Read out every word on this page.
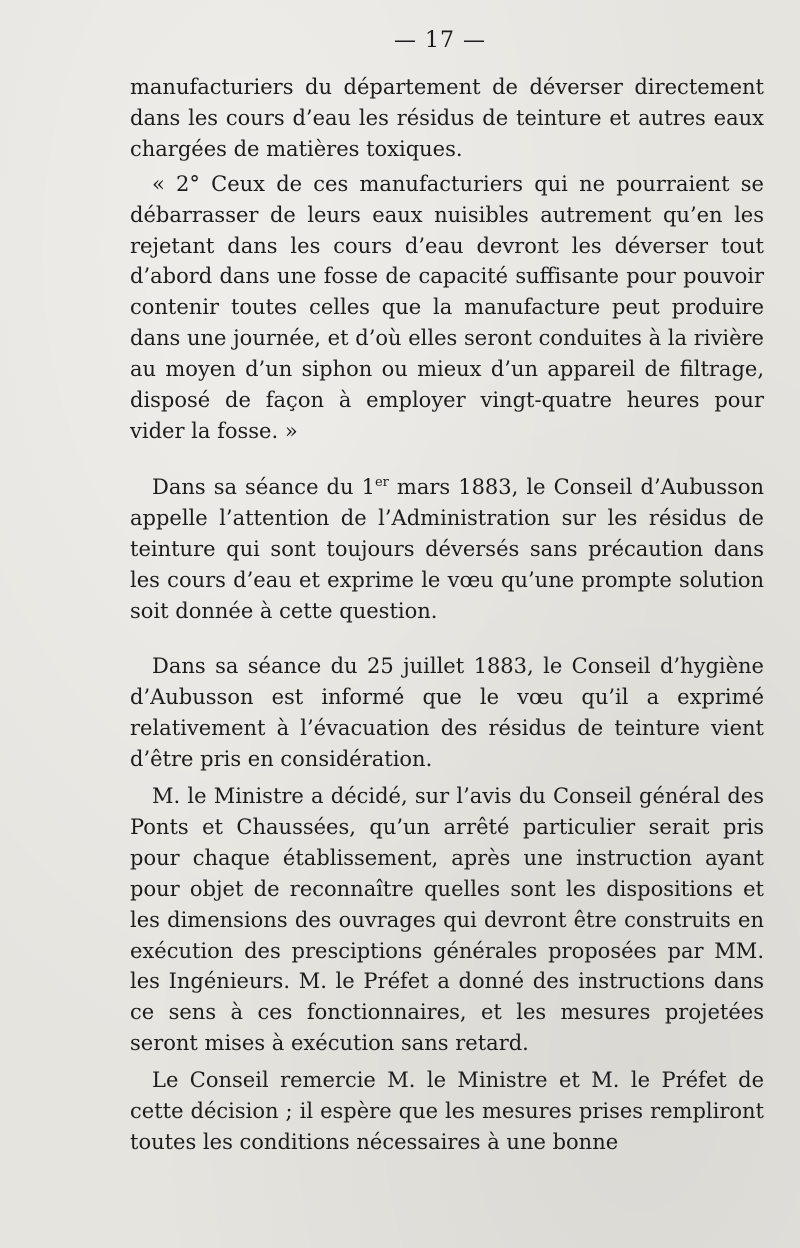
— 17 —

manufacturiers du département de déverser directement dans les cours d’eau les résidus de teinture et autres eaux chargées de matières toxiques.

« 2° Ceux de ces manufacturiers qui ne pourraient se débarrasser de leurs eaux nuisibles autrement qu’en les rejetant dans les cours d’eau devront les déverser tout d’abord dans une fosse de capacité suffisante pour pouvoir contenir toutes celles que la manufacture peut produire dans une journée, et d’où elles seront conduites à la rivière au moyen d’un siphon ou mieux d’un appareil de filtrage, disposé de façon à employer vingt-quatre heures pour vider la fosse. »

Dans sa séance du 1er mars 1883, le Conseil d’Aubusson appelle l’attention de l’Administration sur les résidus de teinture qui sont toujours déversés sans précaution dans les cours d’eau et exprime le vœu qu’une prompte solution soit donnée à cette question.

Dans sa séance du 25 juillet 1883, le Conseil d’hygiène d’Aubusson est informé que le vœu qu’il a exprimé relativement à l’évacuation des résidus de teinture vient d’être pris en considération.

M. le Ministre a décidé, sur l’avis du Conseil général des Ponts et Chaussées, qu’un arrêté particulier serait pris pour chaque établissement, après une instruction ayant pour objet de reconnaître quelles sont les dispositions et les dimensions des ouvrages qui devront être construits en exécution des presciptions générales proposées par MM. les Ingénieurs. M. le Préfet a donné des instructions dans ce sens à ces fonctionnaires, et les mesures projetées seront mises à exécution sans retard.

Le Conseil remercie M. le Ministre et M. le Préfet de cette décision ; il espère que les mesures prises rempliront toutes les conditions nécessaires à une bonne
